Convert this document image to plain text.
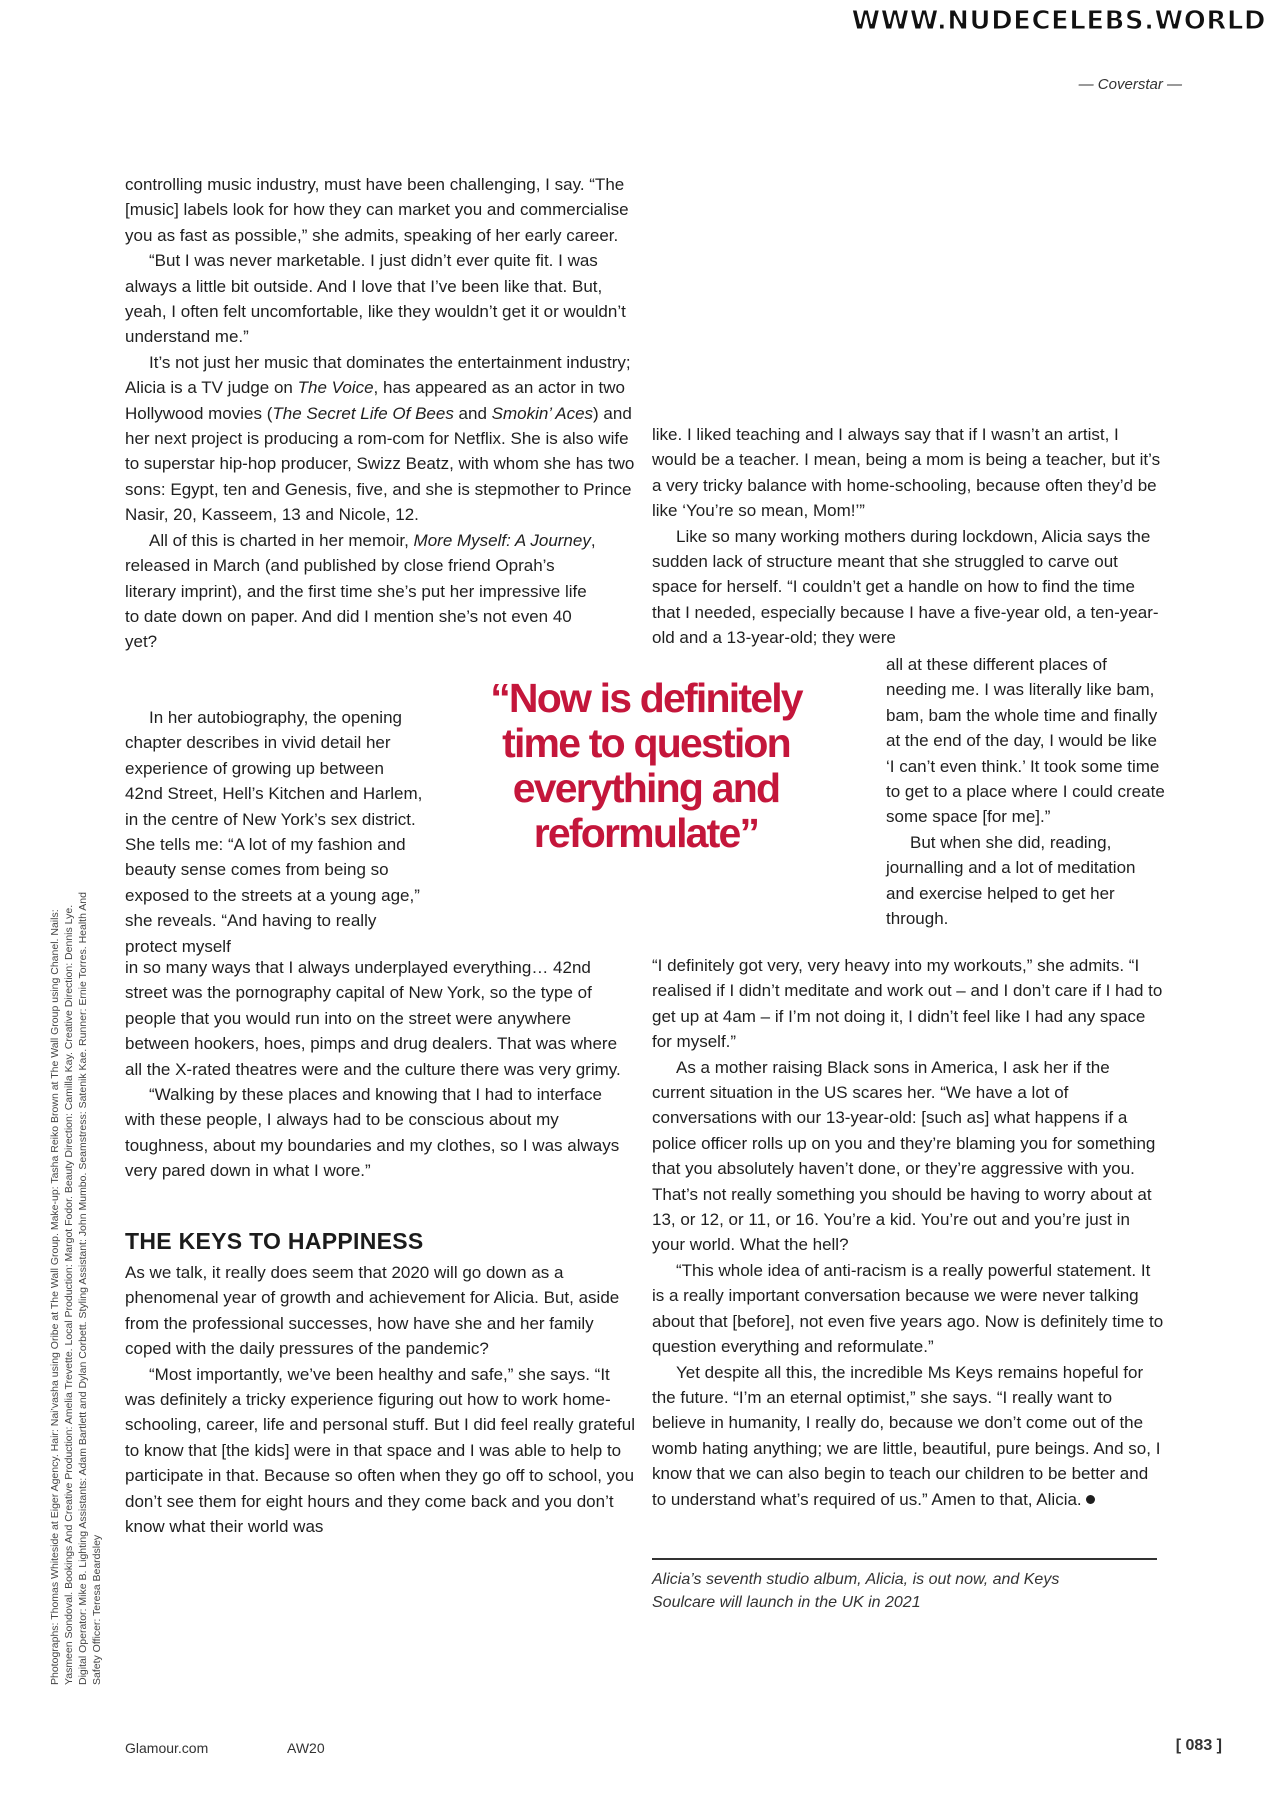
WWW.NUDECELEBS.WORLD
— Coverstar —

controlling music industry, must have been challenging, I say. “The [music] labels look for how they can market you and commercialise you as fast as possible,” she admits, speaking of her early career.

“But I was never marketable. I just didn’t ever quite fit. I was always a little bit outside. And I love that I’ve been like that. But, yeah, I often felt uncomfortable, like they wouldn’t get it or wouldn’t understand me.”

It’s not just her music that dominates the entertainment industry; Alicia is a TV judge on The Voice, has appeared as an actor in two Hollywood movies (The Secret Life Of Bees and Smokin’ Aces) and her next project is producing a rom-com for Netflix. She is also wife to superstar hip-hop producer, Swizz Beatz, with whom she has two sons: Egypt, ten and Genesis, five, and she is stepmother to Prince Nasir, 20, Kasseem, 13 and Nicole, 12.

All of this is charted in her memoir, More Myself: A Journey, released in March (and published by close friend Oprah’s literary imprint), and the first time she’s put her impressive life to date down on paper. And did I mention she’s not even 40 yet?

In her autobiography, the opening chapter describes in vivid detail her experience of growing up between 42nd Street, Hell’s Kitchen and Harlem, in the centre of New York’s sex district. She tells me: “A lot of my fashion and beauty sense comes from being so exposed to the streets at a young age,” she reveals. “And having to really protect myself

in so many ways that I always underplayed everything… 42nd street was the pornography capital of New York, so the type of people that you would run into on the street were anywhere between hookers, hoes, pimps and drug dealers. That was where all the X-rated theatres were and the culture there was very grimy.

“Walking by these places and knowing that I had to interface with these people, I always had to be conscious about my toughness, about my boundaries and my clothes, so I was always very pared down in what I wore.”

THE KEYS TO HAPPINESS

As we talk, it really does seem that 2020 will go down as a phenomenal year of growth and achievement for Alicia. But, aside from the professional successes, how have she and her family coped with the daily pressures of the pandemic?

“Most importantly, we’ve been healthy and safe,” she says. “It was definitely a tricky experience figuring out how to work home-schooling, career, life and personal stuff. But I did feel really grateful to know that [the kids] were in that space and I was able to help to participate in that. Because so often when they go off to school, you don’t see them for eight hours and they come back and you don’t know what their world was

“Now is definitely time to question everything and reformulate”

like. I liked teaching and I always say that if I wasn’t an artist, I would be a teacher. I mean, being a mom is being a teacher, but it’s a very tricky balance with home-schooling, because often they’d be like ‘You’re so mean, Mom!’”

Like so many working mothers during lockdown, Alicia says the sudden lack of structure meant that she struggled to carve out space for herself. “I couldn’t get a handle on how to find the time that I needed, especially because I have a five-year old, a ten-year-old and a 13-year-old; they were

all at these different places of needing me. I was literally like bam, bam, bam the whole time and finally at the end of the day, I would be like ‘I can’t even think.’ It took some time to get to a place where I could create some space [for me].”

But when she did, reading, journalling and a lot of meditation and exercise helped to get her through.

“I definitely got very, very heavy into my workouts,” she admits. “I realised if I didn’t meditate and work out – and I don’t care if I had to get up at 4am – if I’m not doing it, I didn’t feel like I had any space for myself.”

As a mother raising Black sons in America, I ask her if the current situation in the US scares her. “We have a lot of conversations with our 13-year-old: [such as] what happens if a police officer rolls up on you and they’re blaming you for something that you absolutely haven’t done, or they’re aggressive with you. That’s not really something you should be having to worry about at 13, or 12, or 11, or 16. You’re a kid. You’re out and you’re just in your world. What the hell?

“This whole idea of anti-racism is a really powerful statement. It is a really important conversation because we were never talking about that [before], not even five years ago. Now is definitely time to question everything and reformulate.”

Yet despite all this, the incredible Ms Keys remains hopeful for the future. “I’m an eternal optimist,” she says. “I really want to believe in humanity, I really do, because we don’t come out of the womb hating anything; we are little, beautiful, pure beings. And so, I know that we can also begin to teach our children to be better and to understand what’s required of us.” Amen to that, Alicia.

Alicia’s seventh studio album, Alicia, is out now, and Keys Soulcare will launch in the UK in 2021
Photographs: Thomas Whiteside at Eiger Agency. Hair: Nai’vasha using Oribe at The Wall Group. Make-up: Tasha Reiko Brown at The Wall Group using Chanel. Nails: Yasmeen Sondoval. Bookings And Creative Production: Amelia Trevette. Local Production: Margot Fodor. Beauty Direction: Camilla Kay. Creative Direction: Dennis Lye. Digital Operator: Mike B. Lighting Assistants: Adam Bartlett and Dylan Corbett. Styling Assistant: John Mumbo. Seamstress: Satenik Kae. Runner: Ernie Torres. Health And Safety Officer: Teresa Beardsley
Glamour.com	AW20	[ 083 ]
